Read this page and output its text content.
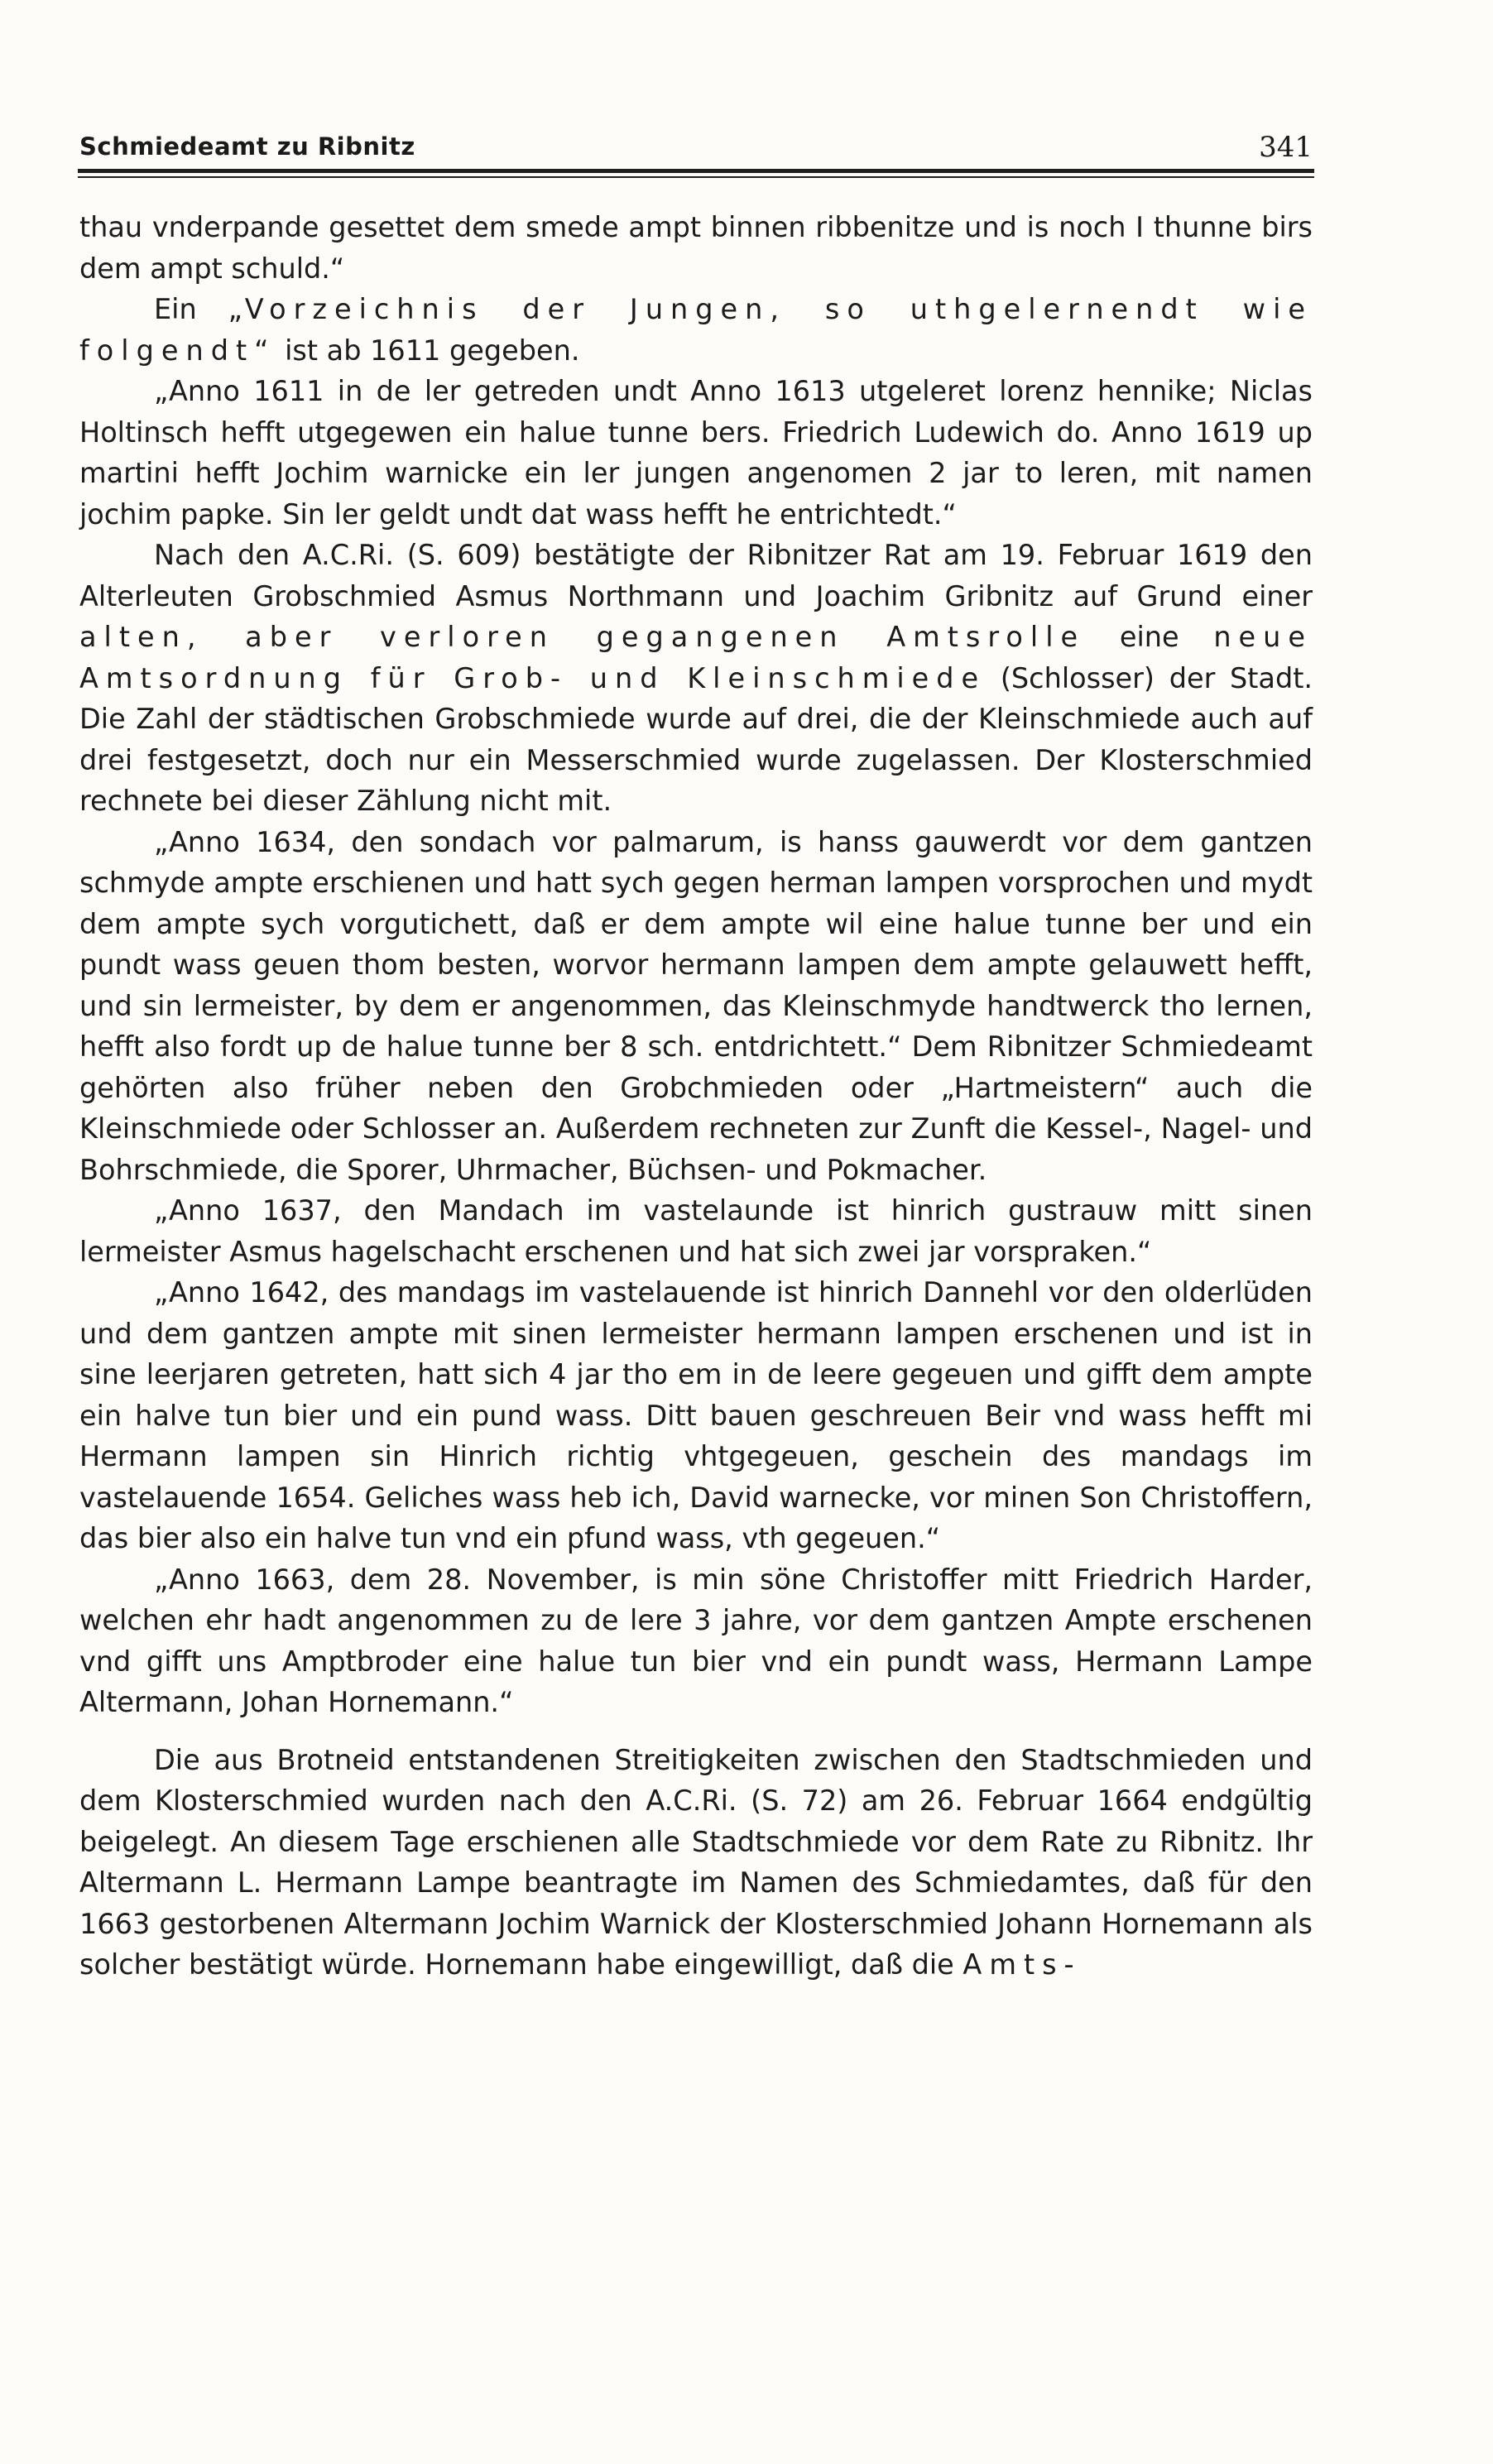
Schmiedeamt zu Ribnitz	341

thau vnderpande gesettet dem smede ampt binnen ribbenitze und is noch I thunne birs dem ampt schuld.“

Ein „Vorzeichnis der Jungen, so uthgelernendt wie folgendt“ ist ab 1611 gegeben.

„Anno 1611 in de ler getreden undt Anno 1613 utgeleret lorenz hennike; Niclas Holtinsch hefft utgegewen ein halue tunne bers. Friedrich Ludewich do. Anno 1619 up martini hefft Jochim warnicke ein ler jungen angenomen 2 jar to leren, mit namen jochim papke. Sin ler geldt undt dat wass hefft he entrichtedt.“

Nach den A.C.Ri. (S. 609) bestätigte der Ribnitzer Rat am 19. Februar 1619 den Alterleuten Grobschmied Asmus Northmann und Joachim Gribnitz auf Grund einer alten, aber verloren gegangenen Amtsrolle eine neue Amtsordnung für Grob- und Kleinschmiede (Schlosser) der Stadt. Die Zahl der städtischen Grobschmiede wurde auf drei, die der Kleinschmiede auch auf drei festgesetzt, doch nur ein Messerschmied wurde zugelassen. Der Klosterschmied rechnete bei dieser Zählung nicht mit.

„Anno 1634, den sondach vor palmarum, is hanss gauwerdt vor dem gantzen schmyde ampte erschienen und hatt sych gegen herman lampen vorsprochen und mydt dem ampte sych vorgutichett, daß er dem ampte wil eine halue tunne ber und ein pundt wass geuen thom besten, worvor hermann lampen dem ampte gelauwett hefft, und sin lermeister, by dem er angenommen, das Kleinschmyde handtwerck tho lernen, hefft also fordt up de halue tunne ber 8 sch. entdrichtett.“ Dem Ribnitzer Schmiedeamt gehörten also früher neben den Grobchmieden oder „Hartmeistern“ auch die Kleinschmiede oder Schlosser an. Außerdem rechneten zur Zunft die Kessel-, Nagel- und Bohrschmiede, die Sporer, Uhrmacher, Büchsen- und Pokmacher.

„Anno 1637, den Mandach im vastelaunde ist hinrich gustrauw mitt sinen lermeister Asmus hagelschacht erschenen und hat sich zwei jar vorspraken.“

„Anno 1642, des mandags im vastelauende ist hinrich Dannehl vor den olderlüden und dem gantzen ampte mit sinen lermeister hermann lampen erschenen und ist in sine leerjaren getreten, hatt sich 4 jar tho em in de leere gegeuen und gifft dem ampte ein halve tun bier und ein pund wass. Ditt bauen geschreuen Beir vnd wass hefft mi Hermann lampen sin Hinrich richtig vhtgegeuen, geschein des mandags im vastelauende 1654. Geliches wass heb ich, David warnecke, vor minen Son Christoffern, das bier also ein halve tun vnd ein pfund wass, vth gegeuen.“

„Anno 1663, dem 28. November, is min söne Christoffer mitt Friedrich Harder, welchen ehr hadt angenommen zu de lere 3 jahre, vor dem gantzen Ampte erschenen vnd gifft uns Amptbroder eine halue tun bier vnd ein pundt wass, Hermann Lampe Altermann, Johan Hornemann.“

Die aus Brotneid entstandenen Streitigkeiten zwischen den Stadtschmieden und dem Klosterschmied wurden nach den A.C.Ri. (S. 72) am 26. Februar 1664 endgültig beigelegt. An diesem Tage erschienen alle Stadtschmiede vor dem Rate zu Ribnitz. Ihr Altermann L. Hermann Lampe beantragte im Namen des Schmiedamtes, daß für den 1663 gestorbenen Altermann Jochim Warnick der Klosterschmied Johann Hornemann als solcher bestätigt würde. Hornemann habe eingewilligt, daß die Amts-
